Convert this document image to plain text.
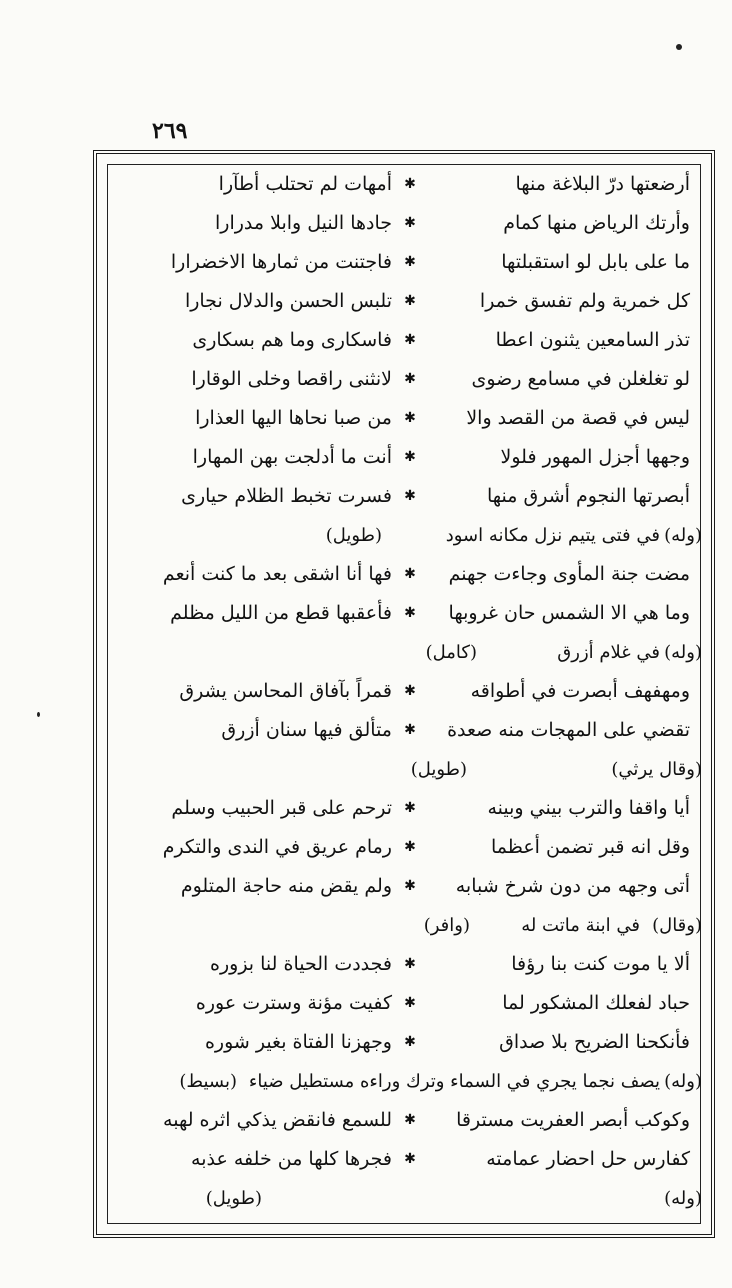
٢٦٩
أرضعتها درّ البلاغة منها
✱
أمهات لم تحتلب أطآرا
وأرتك الرياض منها كمام
✱
جادها النيل وابلا مدرارا
ما على بابل لو استقبلتها
✱
فاجتنت من ثمارها الاخضرارا
كل خمرية ولم تفسق خمرا
✱
تلبس الحسن والدلال نجارا
تذر السامعين يثنون اعطا
✱
فاسكارى وما هم بسكارى
لو تغلغلن في مسامع رضوى
✱
لانثنى راقصا وخلى الوقارا
ليس في قصة من القصد والا
✱
من صبا نحاها اليها العذارا
وجهها أجزل المهور فلولا
✱
أنت ما أدلجت بهن المهارا
أبصرتها النجوم أشرق منها
✱
فسرت تخبط الظلام حيارى
(وله)
في فتى يتيم نزل مكانه اسود
(طويل)
مضت جنة المأوى وجاءت جهنم
✱
فها أنا اشقى بعد ما كنت أنعم
وما هي الا الشمس حان غروبها
✱
فأعقبها قطع من الليل مظلم
(وله)
في غلام أزرق
(كامل)
ومهفهف أبصرت في أطواقه
✱
قمراً بآفاق المحاسن يشرق
تقضي على المهجات منه صعدة
✱
متألق فيها سنان أزرق
(وقال يرثي)
(طويل)
أيا واقفا والترب بيني وبينه
✱
ترحم على قبر الحبيب وسلم
وقل انه قبر تضمن أعظما
✱
رمام عريق في الندى والتكرم
أتى وجهه من دون شرخ شبابه
✱
ولم يقض منه حاجة المتلوم
(وقال)
في ابنة ماتت له
(وافر)
ألا يا موت كنت بنا رؤفا
✱
فجددت الحياة لنا بزوره
حباد لفعلك المشكور لما
✱
كفيت مؤنة وسترت عوره
فأنكحنا الضريح بلا صداق
✱
وجهزنا الفتاة بغير شوره
(وله)
يصف نجما يجري في السماء وترك وراءه مستطيل ضياء
(بسيط)
وكوكب أبصر العفريت مسترقا
✱
للسمع فانقض يذكي اثره لهبه
كفارس حل احضار عمامته
✱
فجرها كلها من خلفه عذبه
(وله)
(طويل)
